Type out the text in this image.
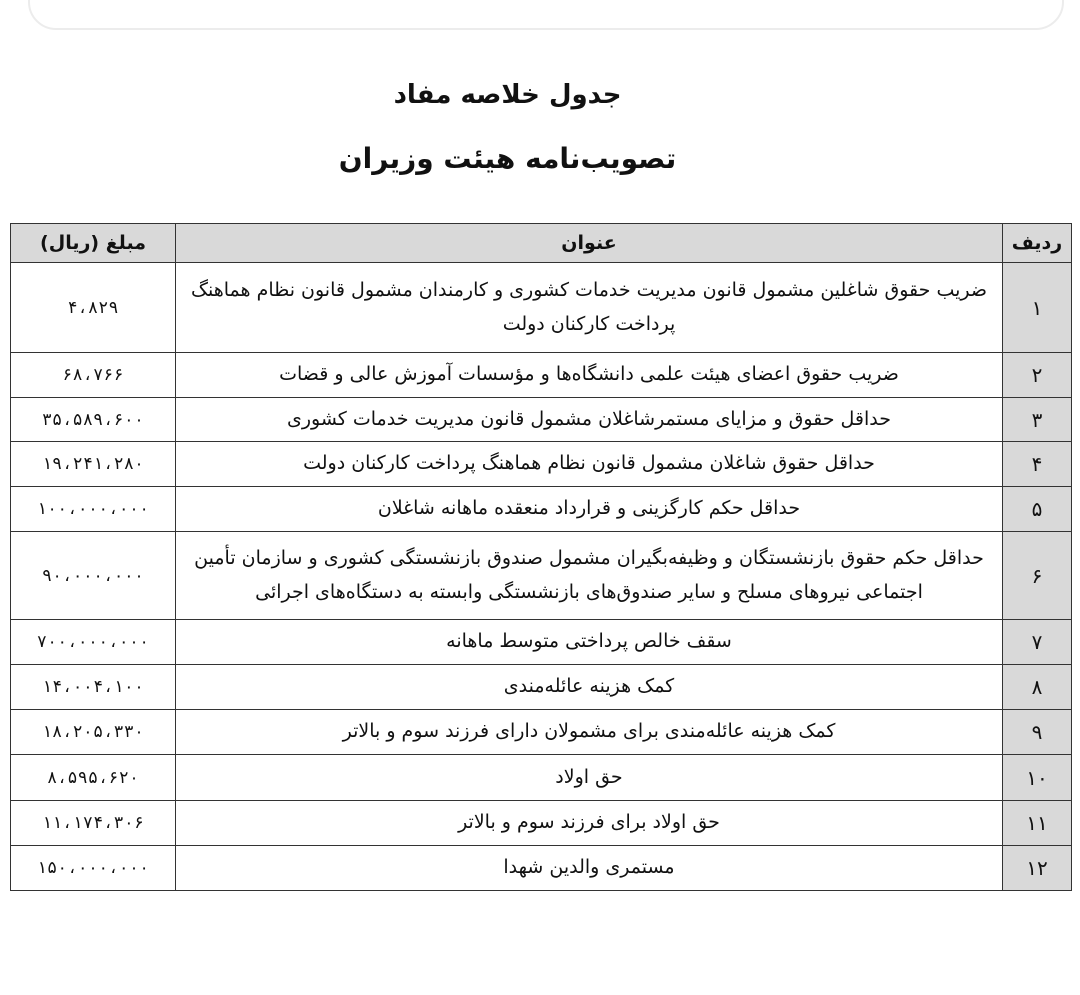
جدول خلاصه مفاد
تصویب‌نامه هیئت وزیران
ردیف	عنوان	مبلغ (ریال)
۱	ضریب حقوق شاغلین مشمول قانون مدیریت خدمات کشوری و کارمندان مشمول قانون نظام هماهنگ پرداخت کارکنان دولت	۴،۸۲۹
۲	ضریب حقوق اعضای هیئت علمی دانشگاه‌ها و مؤسسات آموزش عالی و قضات	۶۸،۷۶۶
۳	حداقل حقوق و مزایای مستمرشاغلان مشمول قانون مدیریت خدمات کشوری	۳۵،۵۸۹،۶۰۰
۴	حداقل حقوق شاغلان مشمول قانون نظام هماهنگ پرداخت کارکنان دولت	۱۹،۲۴۱،۲۸۰
۵	حداقل حکم کارگزینی و قرارداد منعقده ماهانه شاغلان	۱۰۰،۰۰۰،۰۰۰
۶	حداقل حکم حقوق بازنشستگان و وظیفه‌بگیران مشمول صندوق بازنشستگی کشوری و سازمان تأمین اجتماعی نیروهای مسلح و سایر صندوق‌های بازنشستگی وابسته به دستگاه‌های اجرائی	۹۰،۰۰۰،۰۰۰
۷	سقف خالص پرداختی متوسط ماهانه	۷۰۰،۰۰۰،۰۰۰
۸	کمک هزینه عائله‌مندی	۱۴،۰۰۴،۱۰۰
۹	کمک هزینه عائله‌مندی برای مشمولان دارای فرزند سوم و بالاتر	۱۸،۲۰۵،۳۳۰
۱۰	حق اولاد	۸،۵۹۵،۶۲۰
۱۱	حق اولاد برای فرزند سوم و بالاتر	۱۱،۱۷۴،۳۰۶
۱۲	مستمری والدین شهدا	۱۵۰،۰۰۰،۰۰۰
